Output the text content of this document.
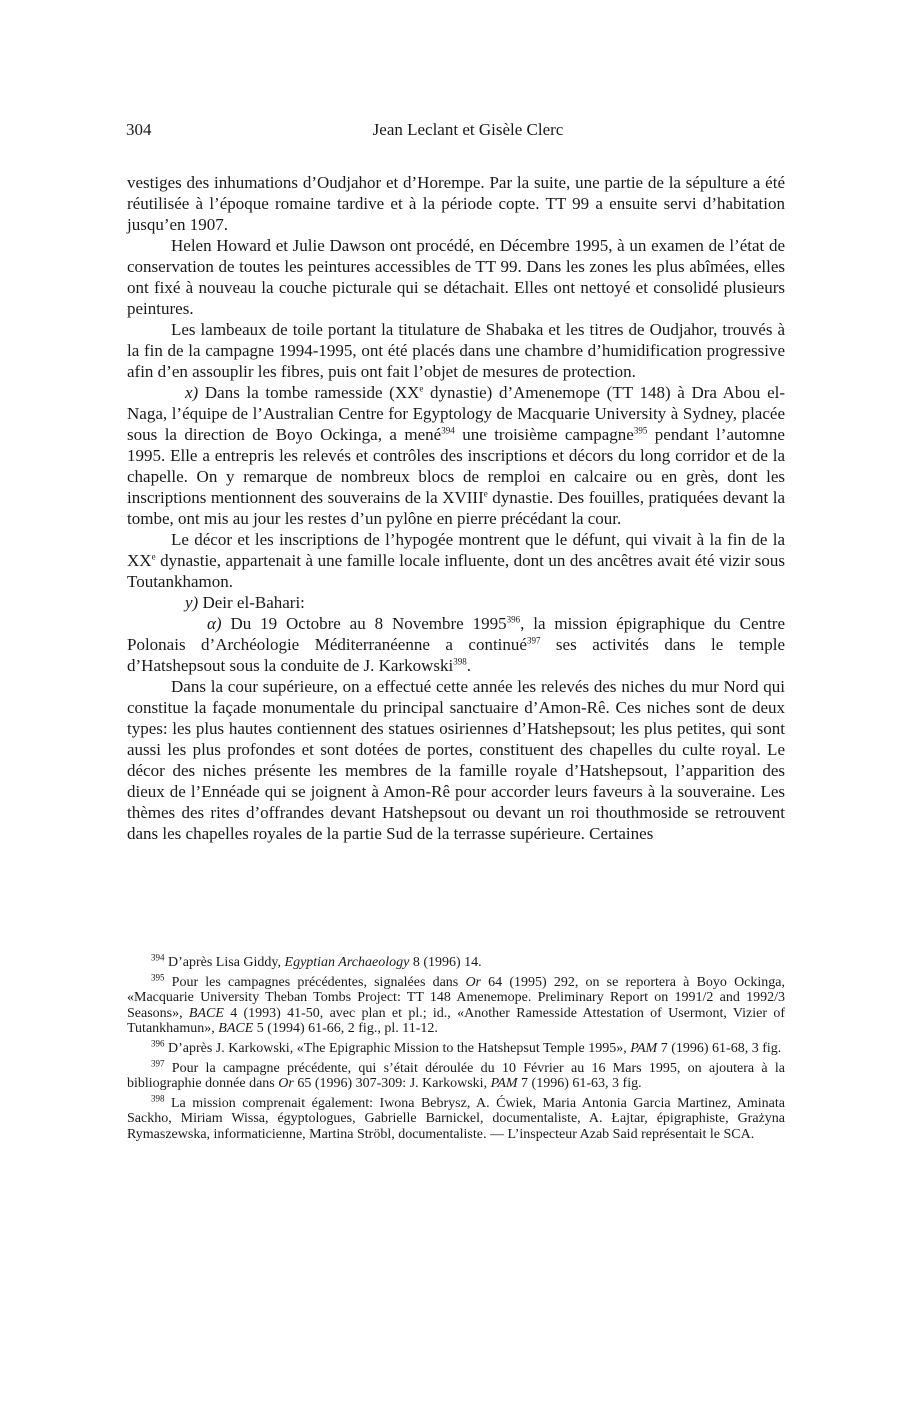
304	Jean Leclant et Gisèle Clerc

vestiges des inhumations d’Oudjahor et d’Horempe. Par la suite, une partie de la sépulture a été réutilisée à l’époque romaine tardive et à la période copte. TT 99 a ensuite servi d’habitation jusqu’en 1907.

Helen Howard et Julie Dawson ont procédé, en Décembre 1995, à un examen de l’état de conservation de toutes les peintures accessibles de TT 99. Dans les zones les plus abîmées, elles ont fixé à nouveau la couche picturale qui se détachait. Elles ont nettoyé et consolidé plusieurs peintures.

Les lambeaux de toile portant la titulature de Shabaka et les titres de Oudjahor, trouvés à la fin de la campagne 1994-1995, ont été placés dans une chambre d’humidification progressive afin d’en assouplir les fibres, puis ont fait l’objet de mesures de protection.

x) Dans la tombe ramesside (XXe dynastie) d’Amenemope (TT 148) à Dra Abou el-Naga, l’équipe de l’Australian Centre for Egyptology de Macquarie University à Sydney, placée sous la direction de Boyo Ockinga, a mené$^{394}$ une troisième campagne$^{395}$ pendant l’automne 1995. Elle a entrepris les relevés et contrôles des inscriptions et décors du long corridor et de la chapelle. On y remarque de nombreux blocs de remploi en calcaire ou en grès, dont les inscriptions mentionnent des souverains de la XVIIIe dynastie. Des fouilles, pratiquées devant la tombe, ont mis au jour les restes d’un pylône en pierre précédant la cour.

Le décor et les inscriptions de l’hypogée montrent que le défunt, qui vivait à la fin de la XXe dynastie, appartenait à une famille locale influente, dont un des ancêtres avait été vizir sous Toutankhamon.

y) Deir el-Bahari:

α) Du 19 Octobre au 8 Novembre 1995$^{396}$, la mission épigraphique du Centre Polonais d’Archéologie Méditerranéenne a continué$^{397}$ ses activités dans le temple d’Hatshepsout sous la conduite de J. Karkowski$^{398}$.

Dans la cour supérieure, on a effectué cette année les relevés des niches du mur Nord qui constitue la façade monumentale du principal sanctuaire d’Amon-Rê. Ces niches sont de deux types: les plus hautes contiennent des statues osiriennes d’Hatshepsout; les plus petites, qui sont aussi les plus profondes et sont dotées de portes, constituent des chapelles du culte royal. Le décor des niches présente les membres de la famille royale d’Hatshepsout, l’apparition des dieux de l’Ennéade qui se joignent à Amon-Rê pour accorder leurs faveurs à la souveraine. Les thèmes des rites d’offrandes devant Hatshepsout ou devant un roi thouthmoside se retrouvent dans les chapelles royales de la partie Sud de la terrasse supérieure. Certaines

$^{394}$ D’après Lisa Giddy, Egyptian Archaeology 8 (1996) 14.

$^{395}$ Pour les campagnes précédentes, signalées dans Or 64 (1995) 292, on se reportera à Boyo Ockinga, «Macquarie University Theban Tombs Project: TT 148 Amenemope. Preliminary Report on 1991/2 and 1992/3 Seasons», BACE 4 (1993) 41-50, avec plan et pl.; id., «Another Ramesside Attestation of Usermont, Vizier of Tutankhamun», BACE 5 (1994) 61-66, 2 fig., pl. 11-12.

$^{396}$ D’après J. Karkowski, «The Epigraphic Mission to the Hatshepsut Temple 1995», PAM 7 (1996) 61-68, 3 fig.

$^{397}$ Pour la campagne précédente, qui s’était déroulée du 10 Février au 16 Mars 1995, on ajoutera à la bibliographie donnée dans Or 65 (1996) 307-309: J. Karkowski, PAM 7 (1996) 61-63, 3 fig.

$^{398}$ La mission comprenait également: Iwona Bebrysz, A. Ćwiek, Maria Antonia Garcia Martinez, Aminata Sackho, Miriam Wissa, égyptologues, Gabrielle Barnickel, documentaliste, A. Łajtar, épigraphiste, Grażyna Rymaszewska, informaticienne, Martina Ströbl, documentaliste. — L’inspecteur Azab Said représentait le SCA.
